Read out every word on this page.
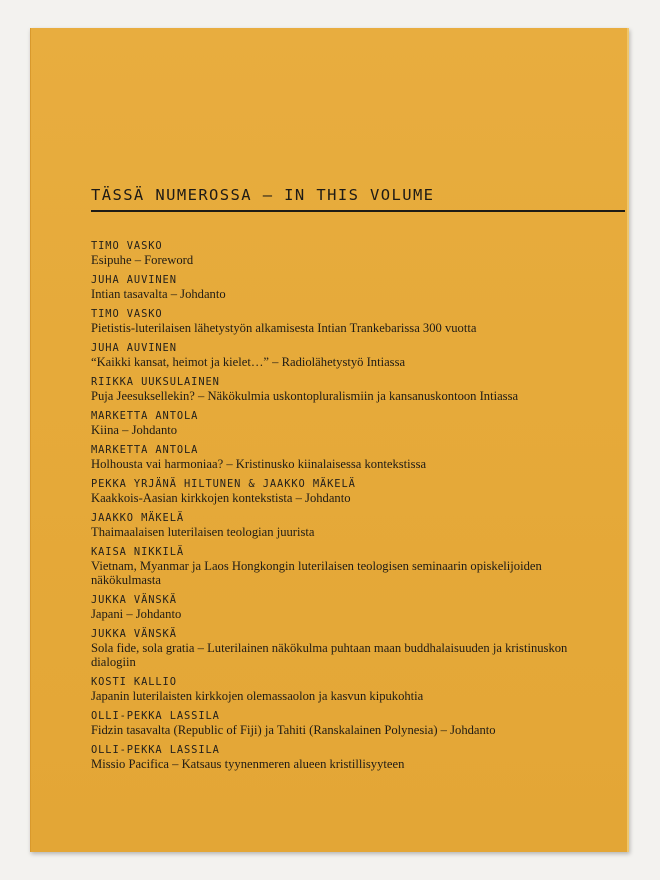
TÄSSÄ NUMEROSSA – IN THIS VOLUME
TIMO VASKO
Esipuhe – Foreword
JUHA AUVINEN
Intian tasavalta – Johdanto
TIMO VASKO
Pietistis-luterilaisen lähetystyön alkamisesta Intian Trankebarissa 300 vuotta
JUHA AUVINEN
“Kaikki kansat, heimot ja kielet…” – Radiolähetystyö Intiassa
RIIKKA UUKSULAINEN
Puja Jeesuksellekin? – Näkökulmia uskontopluralismiin ja kansanuskontoon Intiassa
MARKETTA ANTOLA
Kiina – Johdanto
MARKETTA ANTOLA
Holhousta vai harmoniaa? – Kristinusko kiinalaisessa kontekstissa
PEKKA YRJÄNÄ HILTUNEN & JAAKKO MÄKELÄ
Kaakkois-Aasian kirkkojen kontekstista – Johdanto
JAAKKO MÄKELÄ
Thaimaalaisen luterilaisen teologian juurista
KAISA NIKKILÄ
Vietnam, Myanmar ja Laos Hongkongin luterilaisen teologisen seminaarin opiskelijoiden näkökulmasta
JUKKA VÄNSKÄ
Japani – Johdanto
JUKKA VÄNSKÄ
Sola fide, sola gratia – Luterilainen näkökulma puhtaan maan buddhalaisuuden ja kristinuskon dialogiin
KOSTI KALLIO
Japanin luterilaisten kirkkojen olemassaolon ja kasvun kipukohtia
OLLI-PEKKA LASSILA
Fidzin tasavalta (Republic of Fiji) ja Tahiti (Ranskalainen Polynesia) – Johdanto
OLLI-PEKKA LASSILA
Missio Pacifica – Katsaus tyynenmeren alueen kristillisyyteen
